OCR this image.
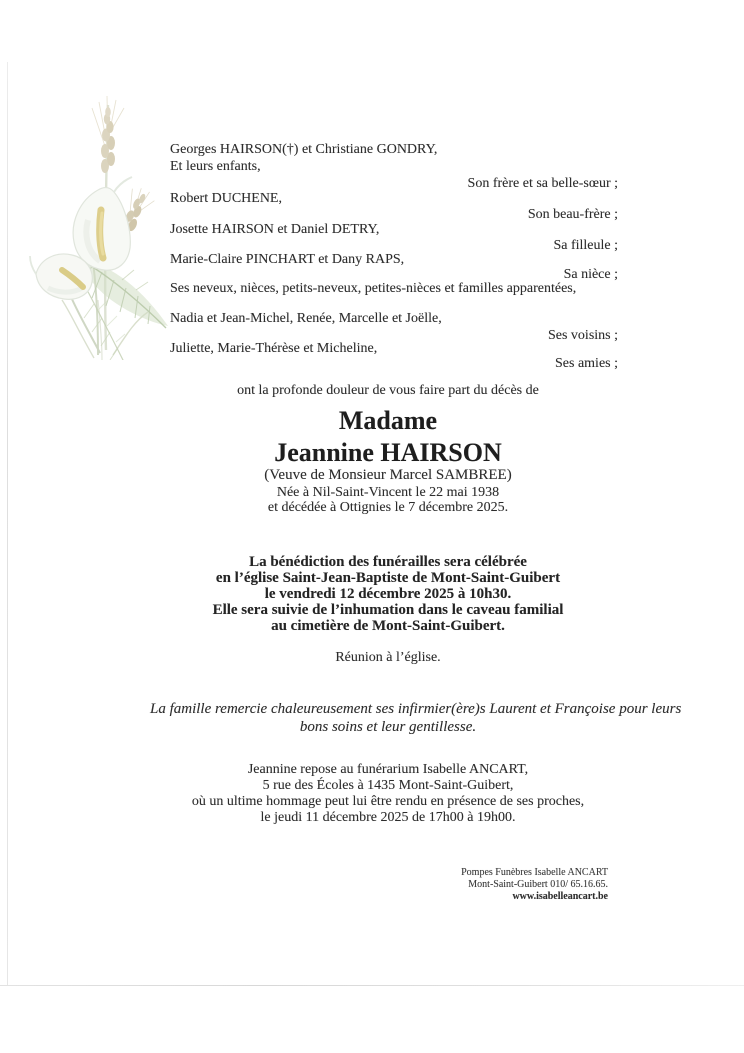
Georges HAIRSON(†) et Christiane GONDRY,
Et leurs enfants,
Robert DUCHENE,
Josette HAIRSON et Daniel DETRY,
Marie-Claire PINCHART et Dany RAPS,
Ses neveux, nièces, petits-neveux, petites-nièces et familles apparentées,
Nadia et Jean-Michel, Renée, Marcelle et Joëlle,
Juliette, Marie-Thérèse et Micheline,
Son frère et sa belle-sœur ;
Son beau-frère ;
Sa filleule ;
Sa nièce ;
Ses voisins ;
Ses amies ;
ont la profonde douleur de vous faire part du décès de
Madame
Jeannine HAIRSON
(Veuve de Monsieur Marcel SAMBREE)
Née à Nil-Saint-Vincent le 22 mai 1938
et décédée à Ottignies le 7 décembre 2025.
La bénédiction des funérailles sera célébrée
en l’église Saint-Jean-Baptiste de Mont-Saint-Guibert
le vendredi 12 décembre 2025 à 10h30.
Elle sera suivie de l’inhumation dans le caveau familial
au cimetière de Mont-Saint-Guibert.
Réunion à l’église.
La famille remercie chaleureusement ses infirmier(ère)s Laurent et Françoise pour leurs
bons soins et leur gentillesse.
Jeannine repose au funérarium Isabelle ANCART,
5 rue des Écoles à 1435 Mont-Saint-Guibert,
où un ultime hommage peut lui être rendu en présence de ses proches,
le jeudi 11 décembre 2025 de 17h00 à 19h00.
Pompes Funèbres Isabelle ANCART
Mont-Saint-Guibert 010/ 65.16.65.
www.isabelleancart.be
